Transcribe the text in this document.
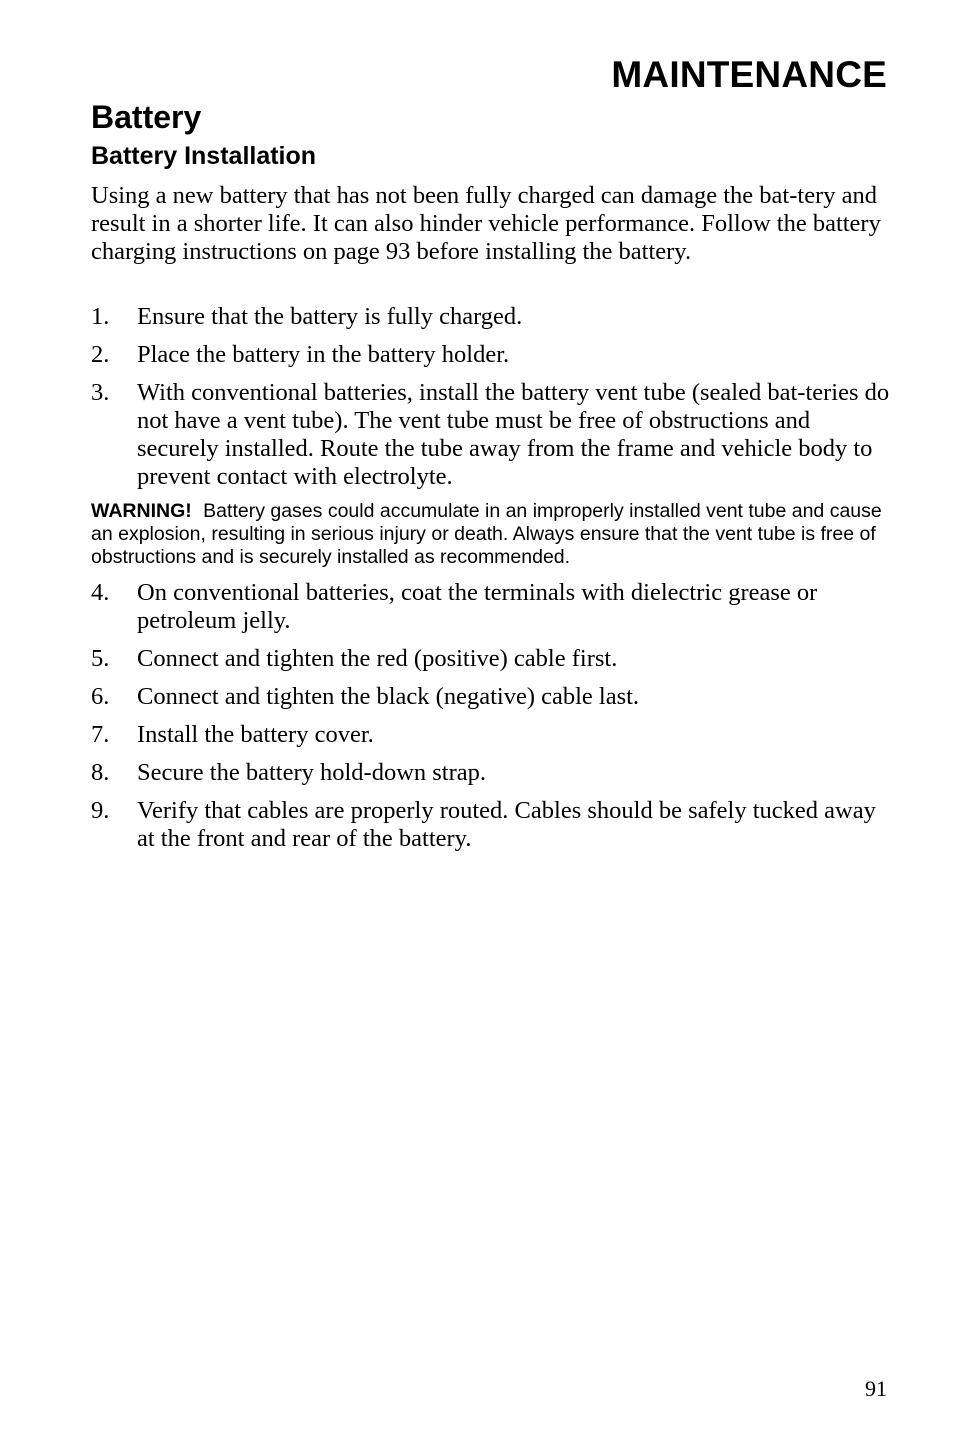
MAINTENANCE
Battery
Battery Installation

Using a new battery that has not been fully charged can damage the bat-tery and result in a shorter life. It can also hinder vehicle performance. Follow the battery charging instructions on page 93 before installing the battery.

1.	Ensure that the battery is fully charged.
2.	Place the battery in the battery holder.
3.	With conventional batteries, install the battery vent tube (sealed bat-teries do not have a vent tube). The vent tube must be free of obstructions and securely installed. Route the tube away from the frame and vehicle body to prevent contact with electrolyte.

WARNING! Battery gases could accumulate in an improperly installed vent tube and cause an explosion, resulting in serious injury or death. Always ensure that the vent tube is free of obstructions and is securely installed as recommended.

4.	On conventional batteries, coat the terminals with dielectric grease or petroleum jelly.
5.	Connect and tighten the red (positive) cable first.
6.	Connect and tighten the black (negative) cable last.
7.	Install the battery cover.
8.	Secure the battery hold-down strap.
9.	Verify that cables are properly routed. Cables should be safely tucked away at the front and rear of the battery.
91
